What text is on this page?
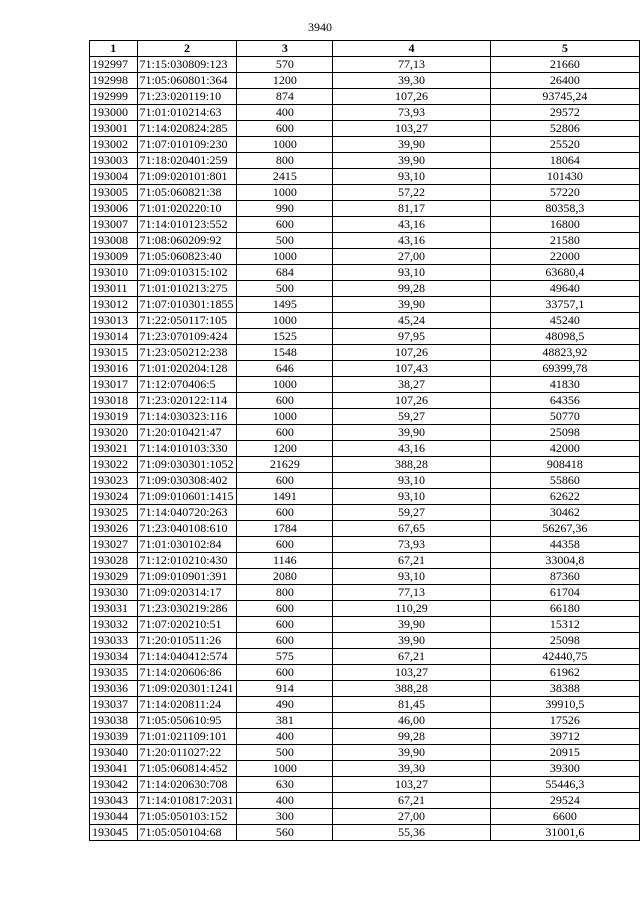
3940
1	2	3	4	5
192997	71:15:030809:123	570	77,13	21660
192998	71:05:060801:364	1200	39,30	26400
192999	71:23:020119:10	874	107,26	93745,24
193000	71:01:010214:63	400	73,93	29572
193001	71:14:020824:285	600	103,27	52806
193002	71:07:010109:230	1000	39,90	25520
193003	71:18:020401:259	800	39,90	18064
193004	71:09:020101:801	2415	93,10	101430
193005	71:05:060821:38	1000	57,22	57220
193006	71:01:020220:10	990	81,17	80358,3
193007	71:14:010123:552	600	43,16	16800
193008	71:08:060209:92	500	43,16	21580
193009	71:05:060823:40	1000	27,00	22000
193010	71:09:010315:102	684	93,10	63680,4
193011	71:01:010213:275	500	99,28	49640
193012	71:07:010301:1855	1495	39,90	33757,1
193013	71:22:050117:105	1000	45,24	45240
193014	71:23:070109:424	1525	97,95	48098,5
193015	71:23:050212:238	1548	107,26	48823,92
193016	71:01:020204:128	646	107,43	69399,78
193017	71:12:070406:5	1000	38,27	41830
193018	71:23:020122:114	600	107,26	64356
193019	71:14:030323:116	1000	59,27	50770
193020	71:20:010421:47	600	39,90	25098
193021	71:14:010103:330	1200	43,16	42000
193022	71:09:030301:1052	21629	388,28	908418
193023	71:09:030308:402	600	93,10	55860
193024	71:09:010601:1415	1491	93,10	62622
193025	71:14:040720:263	600	59,27	30462
193026	71:23:040108:610	1784	67,65	56267,36
193027	71:01:030102:84	600	73,93	44358
193028	71:12:010210:430	1146	67,21	33004,8
193029	71:09:010901:391	2080	93,10	87360
193030	71:09:020314:17	800	77,13	61704
193031	71:23:030219:286	600	110,29	66180
193032	71:07:020210:51	600	39,90	15312
193033	71:20:010511:26	600	39,90	25098
193034	71:14:040412:574	575	67,21	42440,75
193035	71:14:020606:86	600	103,27	61962
193036	71:09:020301:1241	914	388,28	38388
193037	71:14:020811:24	490	81,45	39910,5
193038	71:05:050610:95	381	46,00	17526
193039	71:01:021109:101	400	99,28	39712
193040	71:20:011027:22	500	39,90	20915
193041	71:05:060814:452	1000	39,30	39300
193042	71:14:020630:708	630	103,27	55446,3
193043	71:14:010817:2031	400	67,21	29524
193044	71:05:050103:152	300	27,00	6600
193045	71:05:050104:68	560	55,36	31001,6
